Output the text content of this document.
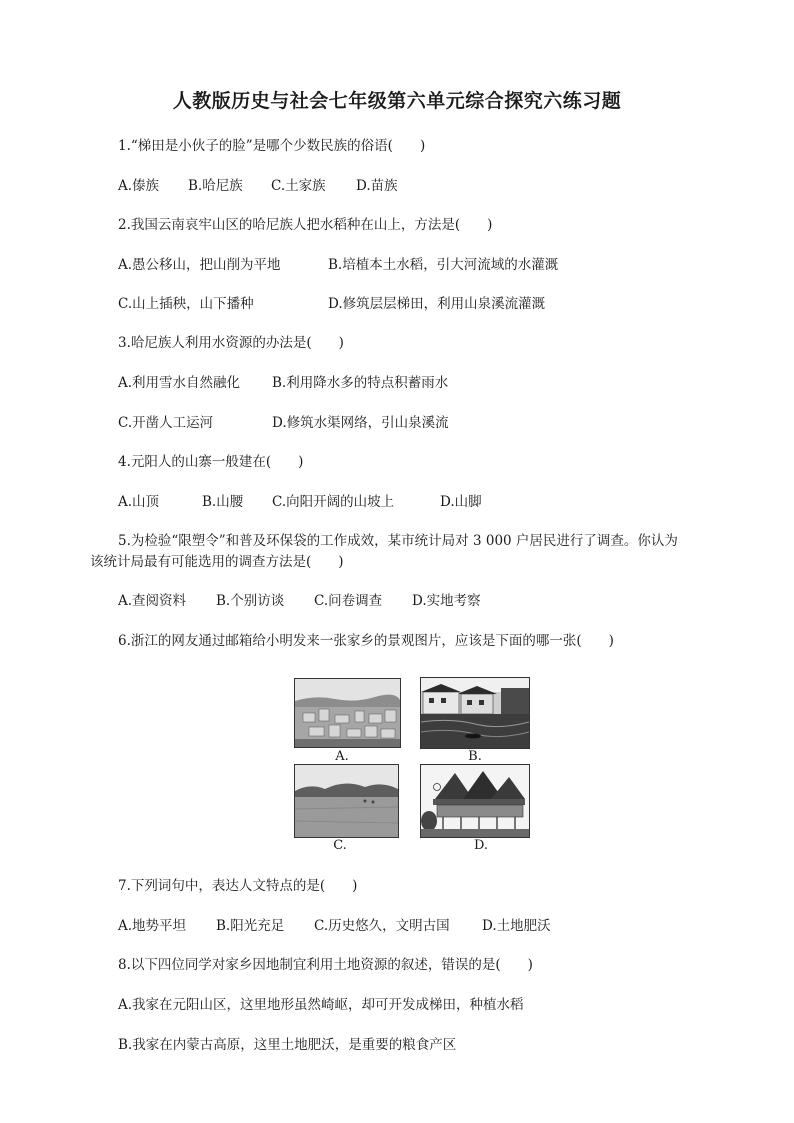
人教版历史与社会七年级第六单元综合探究六练习题
1.“梯田是小伙子的脸”是哪个少数民族的俗语(　　)
A.傣族 B.哈尼族 C.土家族 D.苗族
2.我国云南哀牢山区的哈尼族人把水稻种在山上，方法是(　　)
A.愚公移山，把山削为平地	B.培植本土水稻，引大河流域的水灌溉
C.山上插秧，山下播种	D.修筑层层梯田，利用山泉溪流灌溉
3.哈尼族人利用水资源的办法是(　　)
A.利用雪水自然融化 B.利用降水多的特点积蓄雨水
C.开凿人工运河	D.修筑水渠网络，引山泉溪流
4.元阳人的山寨一般建在(　　)
A.山顶	B.山腰 C.向阳开阔的山坡上	D.山脚
5.为检验“限塑令”和普及环保袋的工作成效，某市统计局对 3 000 户居民进行了调查。你认为
该统计局最有可能选用的调查方法是(　　)
A.查阅资料 B.个别访谈 C.问卷调查 D.实地考察
6.浙江的网友通过邮箱给小明发来一张家乡的景观图片，应该是下面的哪一张(　　)
A.	B.
C.	D.
7.下列词句中，表达人文特点的是(　　)
A.地势平坦 B.阳光充足 C.历史悠久，文明古国 D.土地肥沃
8.以下四位同学对家乡因地制宜利用土地资源的叙述，错误的是(　　)
A.我家在元阳山区，这里地形虽然崎岖，却可开发成梯田，种植水稻
B.我家在内蒙古高原，这里土地肥沃，是重要的粮食产区
